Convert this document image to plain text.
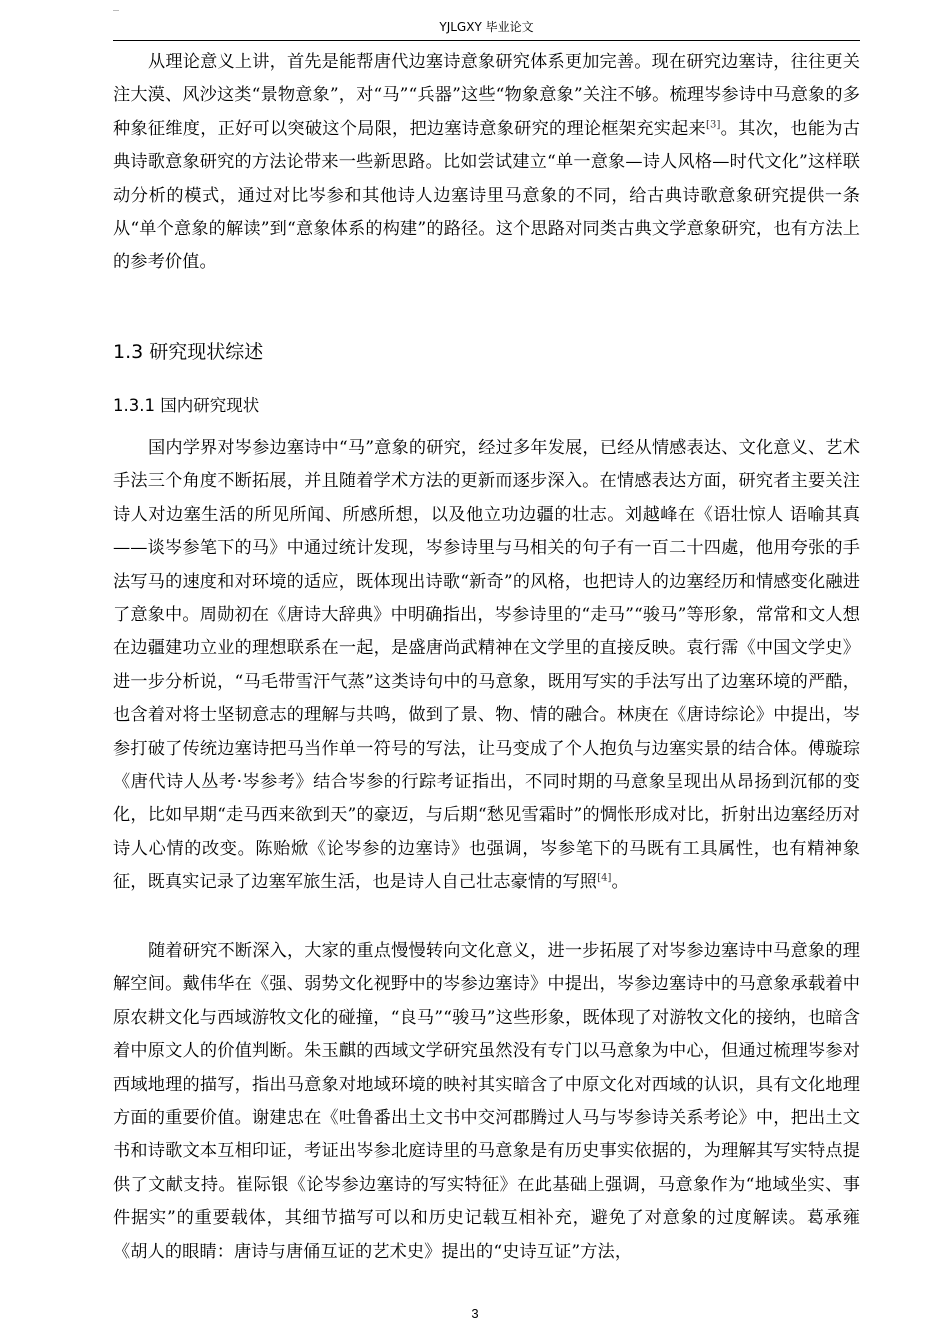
YJLGXY 毕业论文

从理论意义上讲，首先是能帮唐代边塞诗意象研究体系更加完善。现在研究边塞诗，往往更关注大漠、风沙这类“景物意象”，对“马”“兵器”这些“物象意象”关注不够。梳理岑参诗中马意象的多种象征维度，正好可以突破这个局限，把边塞诗意象研究的理论框架充实起来[3]。其次，也能为古典诗歌意象研究的方法论带来一些新思路。比如尝试建立“单一意象—诗人风格—时代文化”这样联动分析的模式，通过对比岑参和其他诗人边塞诗里马意象的不同，给古典诗歌意象研究提供一条从“单个意象的解读”到“意象体系的构建”的路径。这个思路对同类古典文学意象研究，也有方法上的参考价值。

1.3 研究现状综述
1.3.1 国内研究现状

国内学界对岑参边塞诗中“马”意象的研究，经过多年发展，已经从情感表达、文化意义、艺术手法三个角度不断拓展，并且随着学术方法的更新而逐步深入。在情感表达方面，研究者主要关注诗人对边塞生活的所见所闻、所感所想，以及他立功边疆的壮志。刘越峰在《语壮惊人 语喻其真——谈岑参笔下的马》中通过统计发现，岑参诗里与马相关的句子有一百二十四處，他用夸张的手法写马的速度和对环境的适应，既体现出诗歌“新奇”的风格，也把诗人的边塞经历和情感变化融进了意象中。周勋初在《唐诗大辞典》中明确指出，岑参诗里的“走马”“骏马”等形象，常常和文人想在边疆建功立业的理想联系在一起，是盛唐尚武精神在文学里的直接反映。袁行霈《中国文学史》进一步分析说，“马毛带雪汗气蒸”这类诗句中的马意象，既用写实的手法写出了边塞环境的严酷，也含着对将士坚韧意志的理解与共鸣，做到了景、物、情的融合。林庚在《唐诗综论》中提出，岑参打破了传统边塞诗把马当作单一符号的写法，让马变成了个人抱负与边塞实景的结合体。傅璇琮《唐代诗人丛考·岑参考》结合岑参的行踪考证指出，不同时期的马意象呈现出从昂扬到沉郁的变化，比如早期“走马西来欲到天”的豪迈，与后期“愁见雪霜时”的惆怅形成对比，折射出边塞经历对诗人心情的改变。陈贻焮《论岑参的边塞诗》也强调，岑参笔下的马既有工具属性，也有精神象征，既真实记录了边塞军旅生活，也是诗人自己壮志豪情的写照[4]。

随着研究不断深入，大家的重点慢慢转向文化意义，进一步拓展了对岑参边塞诗中马意象的理解空间。戴伟华在《强、弱势文化视野中的岑参边塞诗》中提出，岑参边塞诗中的马意象承载着中原农耕文化与西域游牧文化的碰撞，“良马”“骏马”这些形象，既体现了对游牧文化的接纳，也暗含着中原文人的价值判断。朱玉麒的西域文学研究虽然没有专门以马意象为中心，但通过梳理岑参对西域地理的描写，指出马意象对地域环境的映衬其实暗含了中原文化对西域的认识，具有文化地理方面的重要价值。谢建忠在《吐鲁番出土文书中交河郡腾过人马与岑参诗关系考论》中，把出土文书和诗歌文本互相印证，考证出岑参北庭诗里的马意象是有历史事实依据的，为理解其写实特点提供了文献支持。崔际银《论岑参边塞诗的写实特征》在此基础上强调，马意象作为“地域坐实、事件据实”的重要载体，其细节描写可以和历史记载互相补充，避免了对意象的过度解读。葛承雍《胡人的眼睛：唐诗与唐俑互证的艺术史》提出的“史诗互证”方法，

3
